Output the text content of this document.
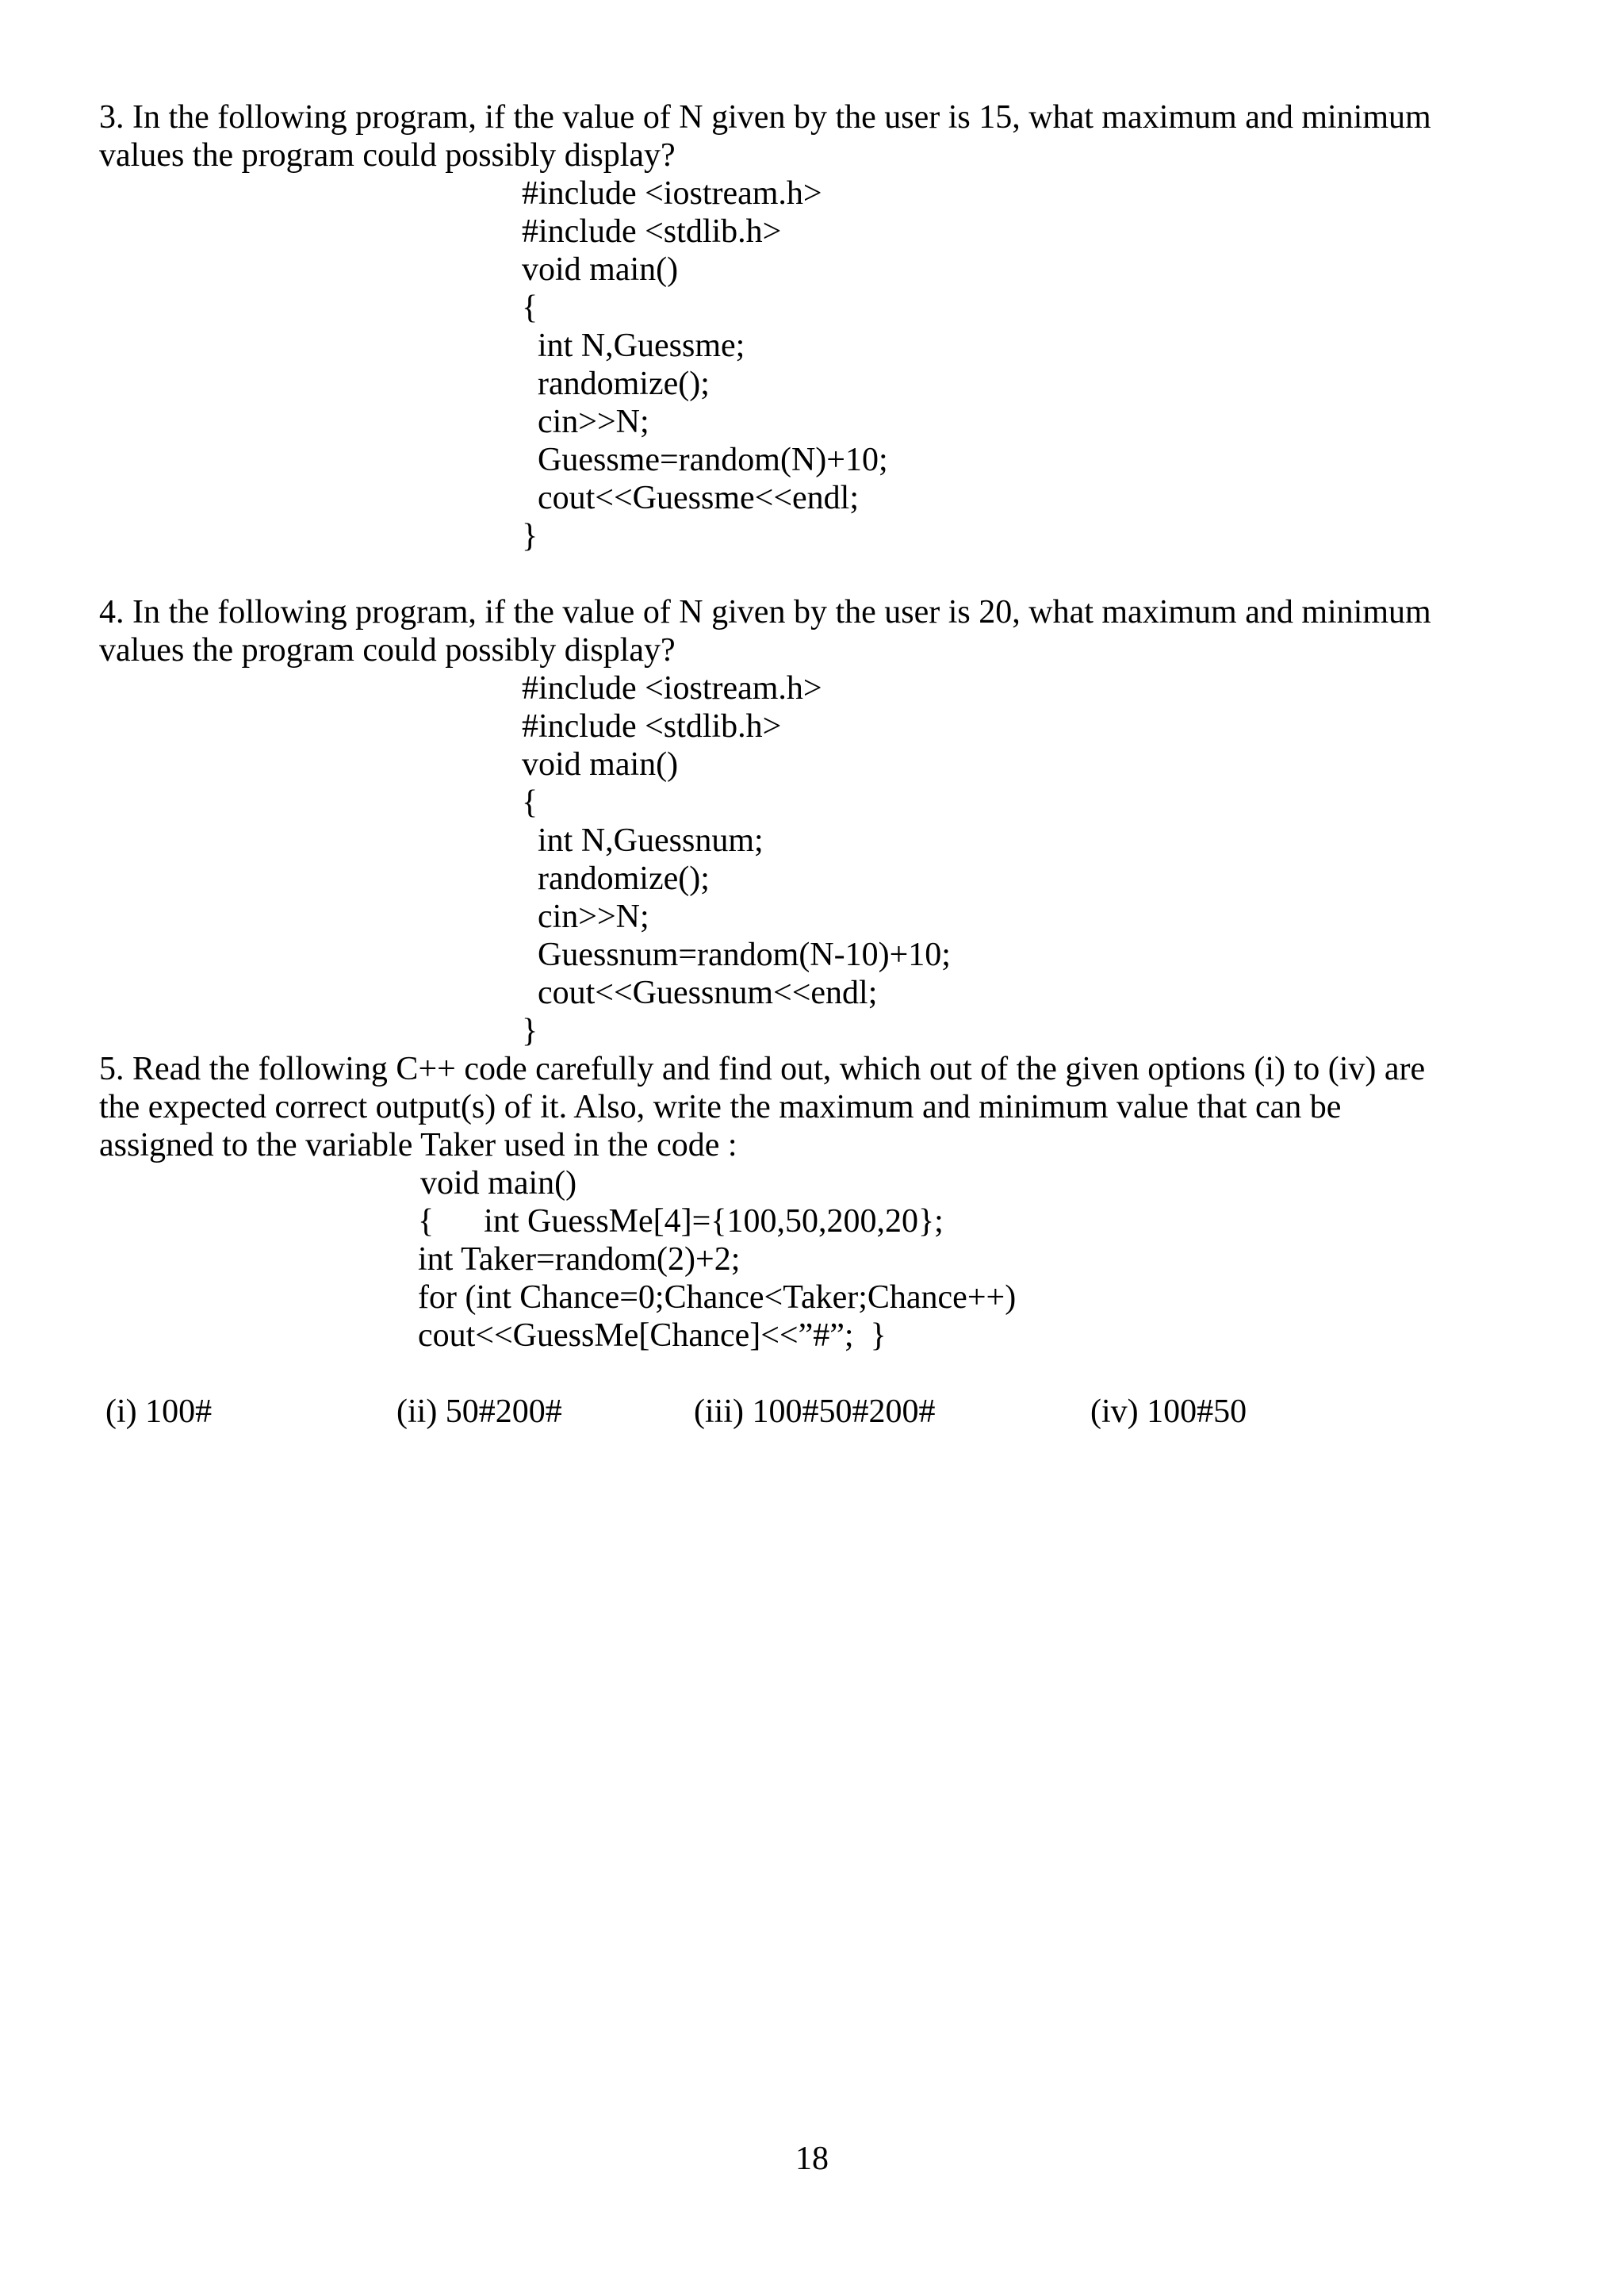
3. In the following program, if the value of N given by the user is 15, what maximum and minimum
values the program could possibly display?
#include <iostream.h>
#include <stdlib.h>
void main()
{
int N,Guessme;
randomize();
cin>>N;
Guessme=random(N)+10;
cout<<Guessme<<endl;
}
4. In the following program, if the value of N given by the user is 20, what maximum and minimum
values the program could possibly display?
#include <iostream.h>
#include <stdlib.h>
void main()
{
int N,Guessnum;
randomize();
cin>>N;
Guessnum=random(N-10)+10;
cout<<Guessnum<<endl;
}
5. Read the following C++ code carefully and find out, which out of the given options (i) to (iv) are
the expected correct output(s) of it. Also, write the maximum and minimum value that can be
assigned to the variable Taker used in the code :
void main()
{      int GuessMe[4]={100,50,200,20};
int Taker=random(2)+2;
for (int Chance=0;Chance<Taker;Chance++)
cout<<GuessMe[Chance]<<”#”;  }
(i) 100#	(ii) 50#200#	(iii) 100#50#200#	(iv) 100#50
18
